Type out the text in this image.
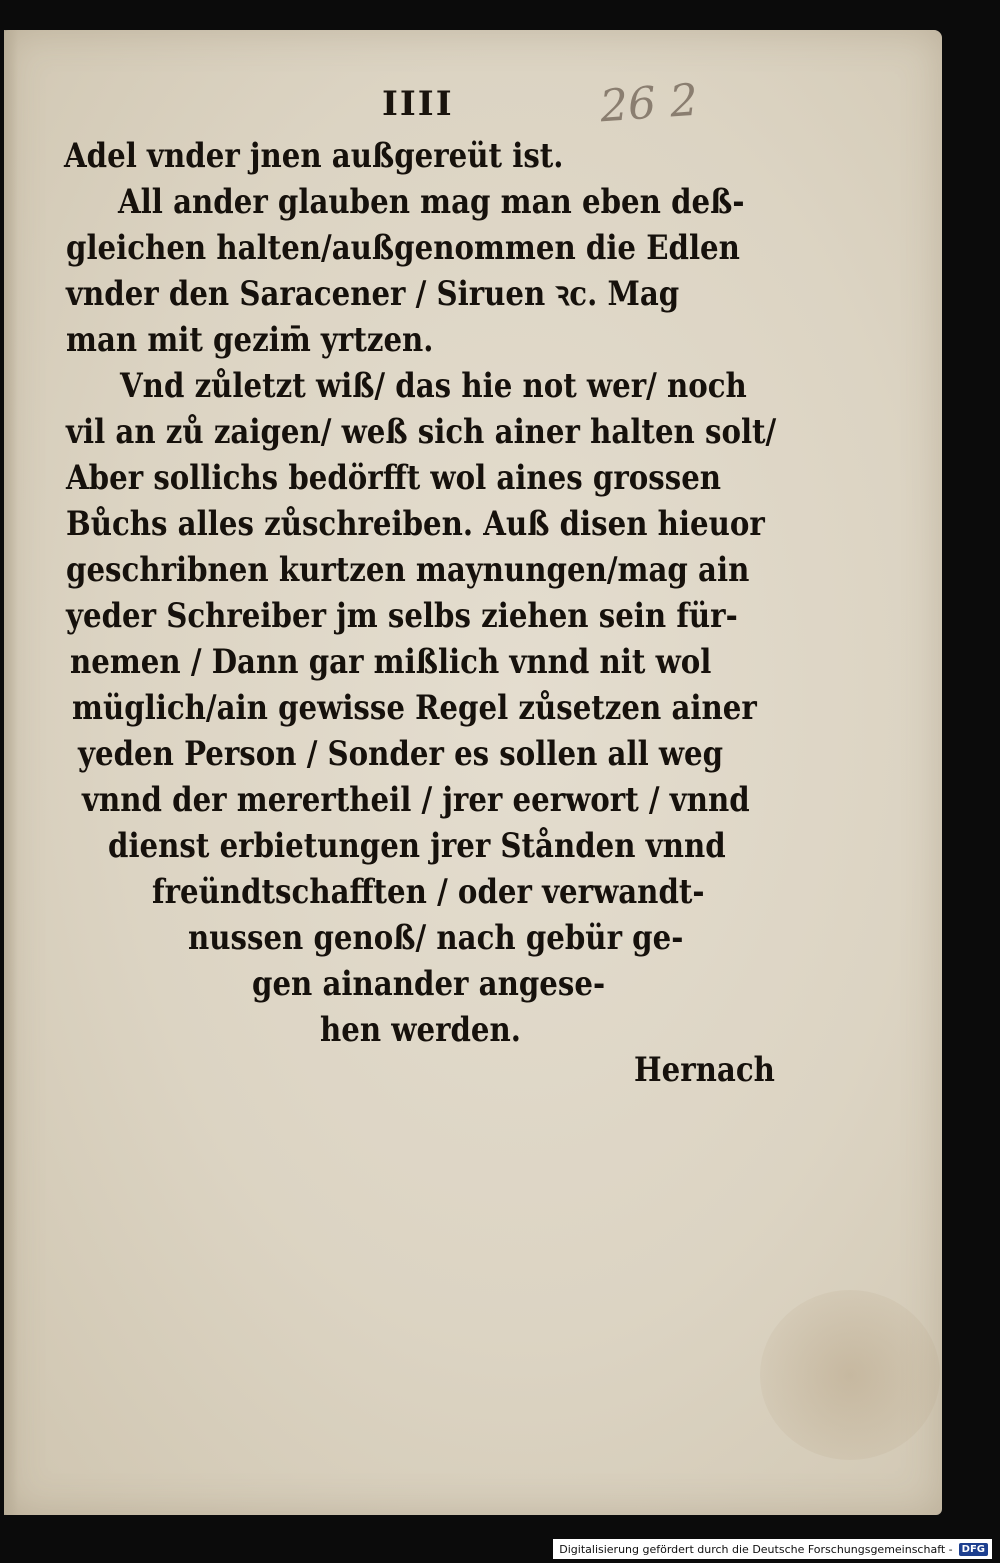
IIII	26 2
Adel vnder jnen außgereüt ist.
All ander glauben mag man eben deß-
gleichen halten/außgenommen die Edlen
vnder den Saracener / Siruen ꝛc. Mag
man mit gezim̄ yrtzen.
Vnd zůletzt wiß/ das hie not wer/ noch
vil an zů zaigen/ weß sich ainer halten solt/
Aber sollichs bedörfft wol aines grossen
Bůchs alles zůschreiben. Auß disen hieuor
geschribnen kurtzen maynungen/mag ain
yeder Schreiber jm selbs ziehen sein für-
nemen / Dann gar mißlich vnnd nit wol
müglich/ain gewisse Regel zůsetzen ainer
yeden Person / Sonder es sollen all weg
vnnd der merertheil / jrer eerwort / vnnd
dienst erbietungen jrer Stånden vnnd
freündtschafften / oder verwandt-
nussen genoß/ nach gebür ge-
gen ainander angese-
hen werden.
Hernach
Digitalisierung gefördert durch die Deutsche Forschungsgemeinschaft - DFG
